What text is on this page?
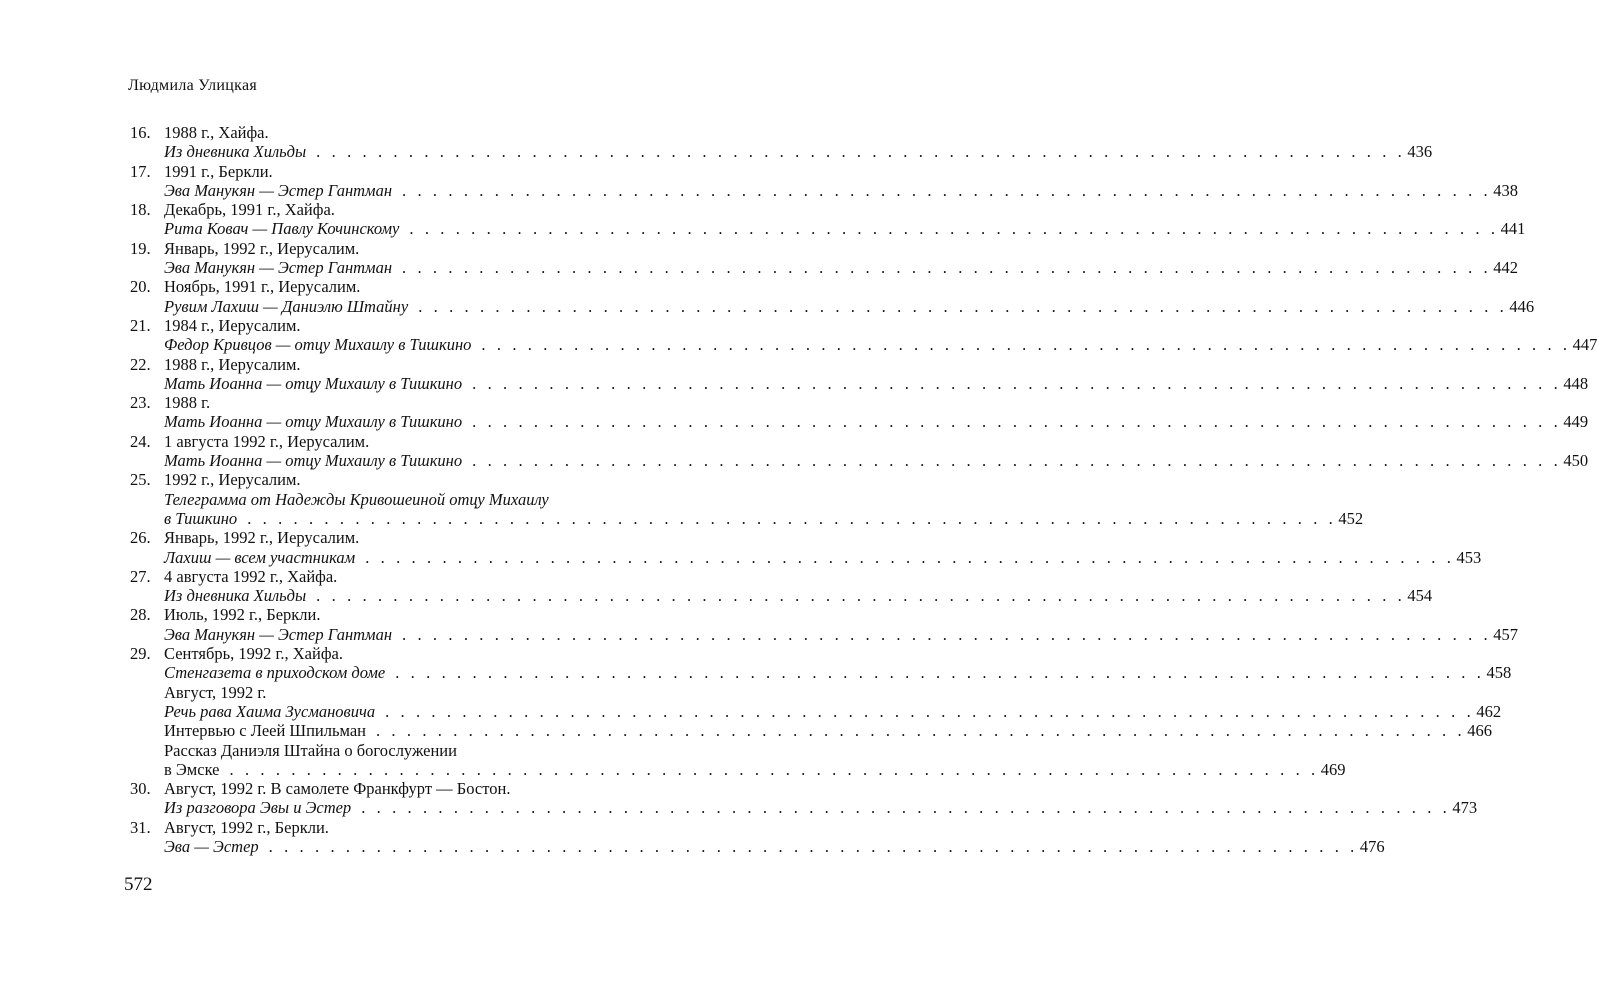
Людмила Улицкая
16. 1988 г., Хайфа.
Из дневника Хильды . . . . . . . . . . . . . . . . . . . . . . . . . . . . . . . . . . . . . . . . . . . . . . . . . . . . . . . . . . . . . . . . . . . . . . . 436
17. 1991 г., Беркли.
Эва Манукян — Эстер Гантман . . . . . . . . . . . . . . . . . . . . . . . . . . . . . . . . . . . . . . . . . . . . . . . . . . . . . . . . . . . . . . . . . . . . . . . 438
18. Декабрь, 1991 г., Хайфа.
Рита Ковач — Павлу Кочинскому . . . . . . . . . . . . . . . . . . . . . . . . . . . . . . . . . . . . . . . . . . . . . . . . . . . . . . . . . . . . . . . . . . . . . . . 441
19. Январь, 1992 г., Иерусалим.
Эва Манукян — Эстер Гантман . . . . . . . . . . . . . . . . . . . . . . . . . . . . . . . . . . . . . . . . . . . . . . . . . . . . . . . . . . . . . . . . . . . . . . . 442
20. Ноябрь, 1991 г., Иерусалим.
Рувим Лахиш — Даниэлю Штайну . . . . . . . . . . . . . . . . . . . . . . . . . . . . . . . . . . . . . . . . . . . . . . . . . . . . . . . . . . . . . . . . . . . . . . . 446
21. 1984 г., Иерусалим.
Федор Кривцов — отцу Михаилу в Тишкино . . . . . . . . . . . . . . . . . . . . . . . . . . . . . . . . . . . . . . . . . . . . . . . . . . . . . . . . . . . . . . . . . . . . . . . 447
22. 1988 г., Иерусалим.
Мать Иоанна — отцу Михаилу в Тишкино . . . . . . . . . . . . . . . . . . . . . . . . . . . . . . . . . . . . . . . . . . . . . . . . . . . . . . . . . . . . . . . . . . . . . . . 448
23. 1988 г.
Мать Иоанна — отцу Михаилу в Тишкино . . . . . . . . . . . . . . . . . . . . . . . . . . . . . . . . . . . . . . . . . . . . . . . . . . . . . . . . . . . . . . . . . . . . . . . 449
24. 1 августа 1992 г., Иерусалим.
Мать Иоанна — отцу Михаилу в Тишкино . . . . . . . . . . . . . . . . . . . . . . . . . . . . . . . . . . . . . . . . . . . . . . . . . . . . . . . . . . . . . . . . . . . . . . . 450
25. 1992 г., Иерусалим.
Телеграмма от Надежды Кривошеиной отцу Михаилу
в Тишкино . . . . . . . . . . . . . . . . . . . . . . . . . . . . . . . . . . . . . . . . . . . . . . . . . . . . . . . . . . . . . . . . . . . . . . . 452
26. Январь, 1992 г., Иерусалим.
Лахиш — всем участникам . . . . . . . . . . . . . . . . . . . . . . . . . . . . . . . . . . . . . . . . . . . . . . . . . . . . . . . . . . . . . . . . . . . . . . . 453
27. 4 августа 1992 г., Хайфа.
Из дневника Хильды . . . . . . . . . . . . . . . . . . . . . . . . . . . . . . . . . . . . . . . . . . . . . . . . . . . . . . . . . . . . . . . . . . . . . . . 454
28. Июль, 1992 г., Беркли.
Эва Манукян — Эстер Гантман . . . . . . . . . . . . . . . . . . . . . . . . . . . . . . . . . . . . . . . . . . . . . . . . . . . . . . . . . . . . . . . . . . . . . . . 457
29. Сентябрь, 1992 г., Хайфа.
Стенгазета в приходском доме . . . . . . . . . . . . . . . . . . . . . . . . . . . . . . . . . . . . . . . . . . . . . . . . . . . . . . . . . . . . . . . . . . . . . . . 458
Август, 1992 г.
Речь рава Хаима Зусмановича . . . . . . . . . . . . . . . . . . . . . . . . . . . . . . . . . . . . . . . . . . . . . . . . . . . . . . . . . . . . . . . . . . . . . . . 462
Интервью с Леей Шпильман . . . . . . . . . . . . . . . . . . . . . . . . . . . . . . . . . . . . . . . . . . . . . . . . . . . . . . . . . . . . . . . . . . . . . . . 466
Рассказ Даниэля Штайна о богослужении
в Эмске . . . . . . . . . . . . . . . . . . . . . . . . . . . . . . . . . . . . . . . . . . . . . . . . . . . . . . . . . . . . . . . . . . . . . . . 469
30. Август, 1992 г. В самолете Франкфурт — Бостон.
Из разговора Эвы и Эстер . . . . . . . . . . . . . . . . . . . . . . . . . . . . . . . . . . . . . . . . . . . . . . . . . . . . . . . . . . . . . . . . . . . . . . . 473
31. Август, 1992 г., Беркли.
Эва — Эстер . . . . . . . . . . . . . . . . . . . . . . . . . . . . . . . . . . . . . . . . . . . . . . . . . . . . . . . . . . . . . . . . . . . . . . . 476
572
